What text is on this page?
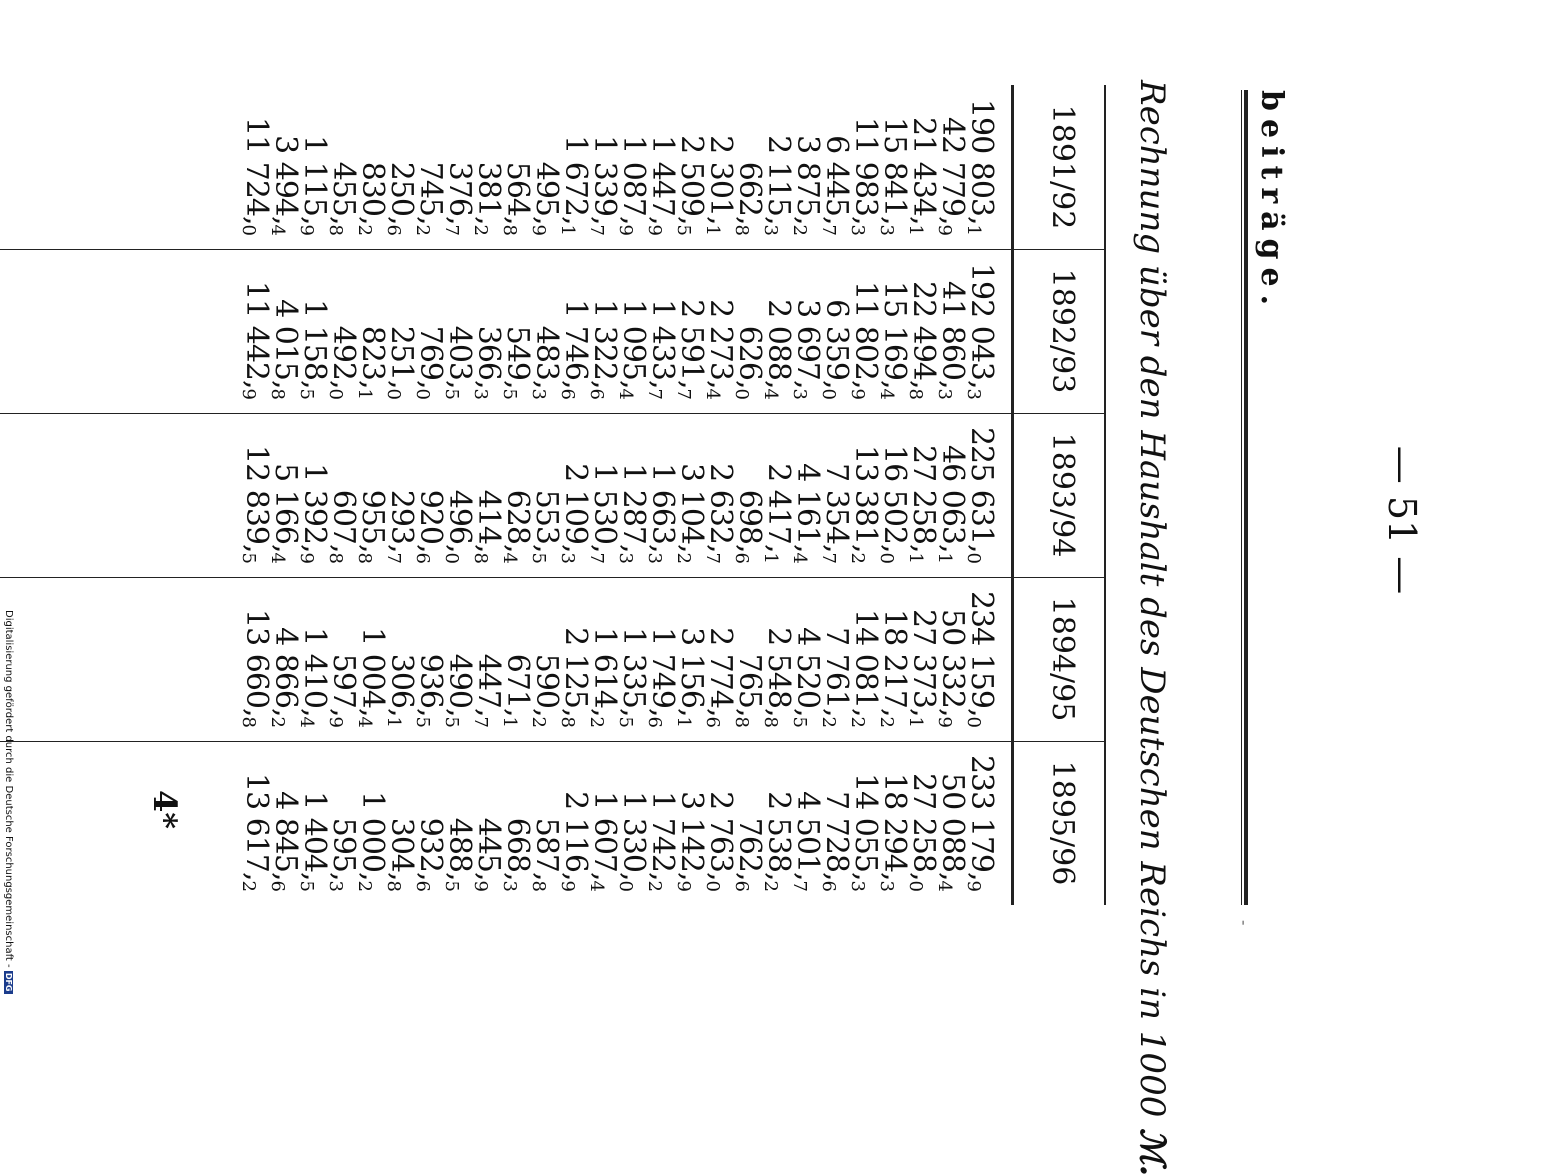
— 51 —
beiträge.
-
Rechnung über den Haushalt des Deutschen Reichs in 1000 ℳ.
1891/92
190 $803,_1$
42 $779,_9$
21 $434,_1$
15 $841,_3$
11 $983,_3$
6 $445,_7$
3 $875,_2$
2 $115,_3$
$662,_8$
2 $301,_1$
2 $509,_5$
1 $447,_9$
1 $087,_9$
1 $339,_7$
1 $672,_1$
$495,_9$
$564,_8$
$381,_2$
$376,_7$
$745,_2$
$250,_6$
$830,_2$
$455,_8$
1 $115,_9$
3 $494,_4$
11 $724,_0$
1892/93
192 $043,_3$
41 $860,_3$
22 $494,_8$
15 $169,_4$
11 $802,_9$
6 $359,_0$
3 $697,_3$
2 $088,_4$
$626,_0$
2 $273,_4$
2 $591,_7$
1 $433,_7$
1 $095,_4$
1 $322,_6$
1 $746,_6$
$483,_3$
$549,_5$
$366,_3$
$403,_5$
$769,_0$
$251,_0$
$823,_1$
$492,_0$
1 $158,_5$
4 $015,_8$
11 $442,_9$
1893/94
225 $631,_0$
46 $063,_1$
27 $258,_1$
16 $502,_0$
13 $381,_2$
7 $354,_7$
4 $161,_4$
2 $417,_1$
$698,_6$
2 $632,_7$
3 $104,_2$
1 $663,_3$
1 $287,_3$
1 $530,_7$
2 $109,_3$
$553,_5$
$628,_4$
$414,_8$
$496,_0$
$920,_6$
$293,_7$
$955,_8$
$607,_8$
1 $392,_9$
5 $166,_4$
12 $839,_5$
1894/95
234 $159,_0$
50 $332,_9$
27 $373,_1$
18 $217,_2$
14 $081,_2$
7 $761,_2$
4 $520,_5$
2 $548,_8$
$765,_8$
2 $774,_6$
3 $156,_1$
1 $749,_6$
1 $335,_5$
1 $614,_2$
2 $125,_8$
$590,_2$
$671,_1$
$447,_7$
$490,_5$
$936,_5$
$306,_1$
1 $004,_4$
$597,_9$
1 $410,_4$
4 $866,_2$
13 $660,_8$
1895/96
233 $179,_9$
50 $088,_4$
27 $258,_0$
18 $294,_3$
14 $055,_3$
7 $728,_6$
4 $501,_7$
2 $538,_2$
$762,_6$
2 $763,_0$
3 $142,_9$
1 $742,_2$
1 $330,_0$
1 $607,_4$
2 $116,_9$
$587,_8$
$668,_3$
$445,_9$
$488,_5$
$932,_6$
$304,_8$
1 $000,_2$
$595,_3$
1 $404,_5$
4 $845,_6$
13 $617,_2$
4*
Digitalisierung gefördert durch die Deutsche Forschungsgemeinschaft - DFG
